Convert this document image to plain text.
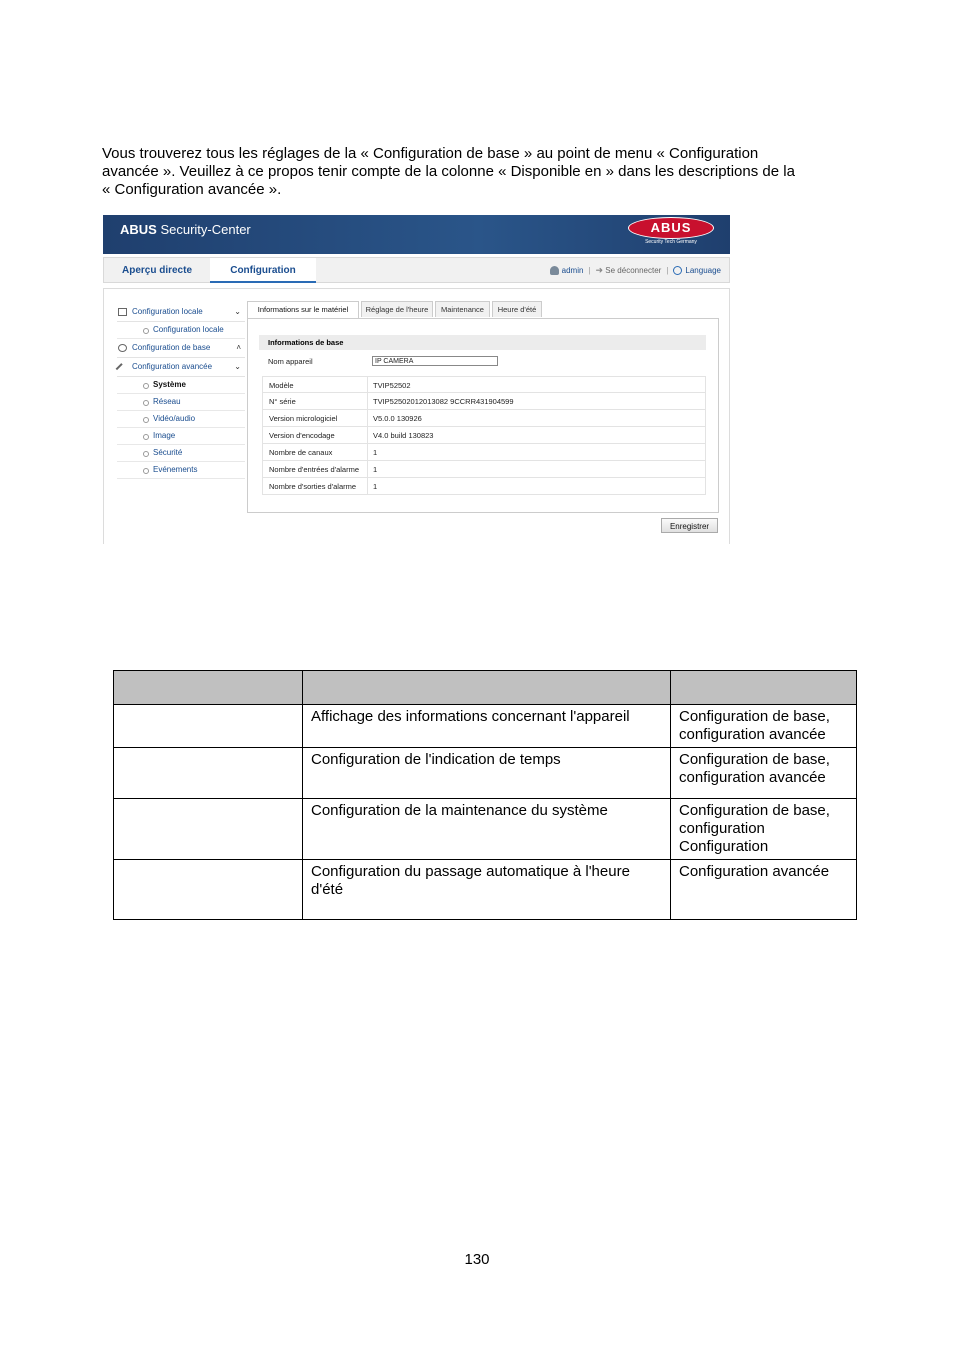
Vous trouverez tous les réglages de la « Configuration de base » au point de menu « Configuration

avancée ». Veuillez à ce propos tenir compte de la colonne « Disponible en » dans les descriptions de la

« Configuration avancée ».

ABUS Security-Center	ABUS
Security Tech Germany
Aperçu directe	Configuration	admin | ➜ Se déconnecter | Language
Configuration locale	⌄
Configuration locale
Configuration de base	˄
Configuration avancée	⌄
Système
Réseau
Vidéo/audio
Image
Sécurité
Evénements
Informations sur le matériel	Réglage de l'heure	Maintenance	Heure d'été
Informations de base
Nom appareil	IP CAMERA
Modèle	TVIP52502
N° série	TVIP52502012013082 9CCRR431904599
Version micrologiciel	V5.0.0 130926
Version d'encodage	V4.0 build 130823
Nombre de canaux	1
Nombre d'entrées d'alarme	1
Nombre d'sorties d'alarme	1
Enregistrer

	Affichage des informations concernant l'appareil	Configuration de base,
configuration avancée

	Configuration de l'indication de temps	Configuration de base,
configuration avancée

	Configuration de la maintenance du système	Configuration de base,
configuration
Configuration

	Configuration du passage automatique à l'heure d'été	Configuration avancée
130
